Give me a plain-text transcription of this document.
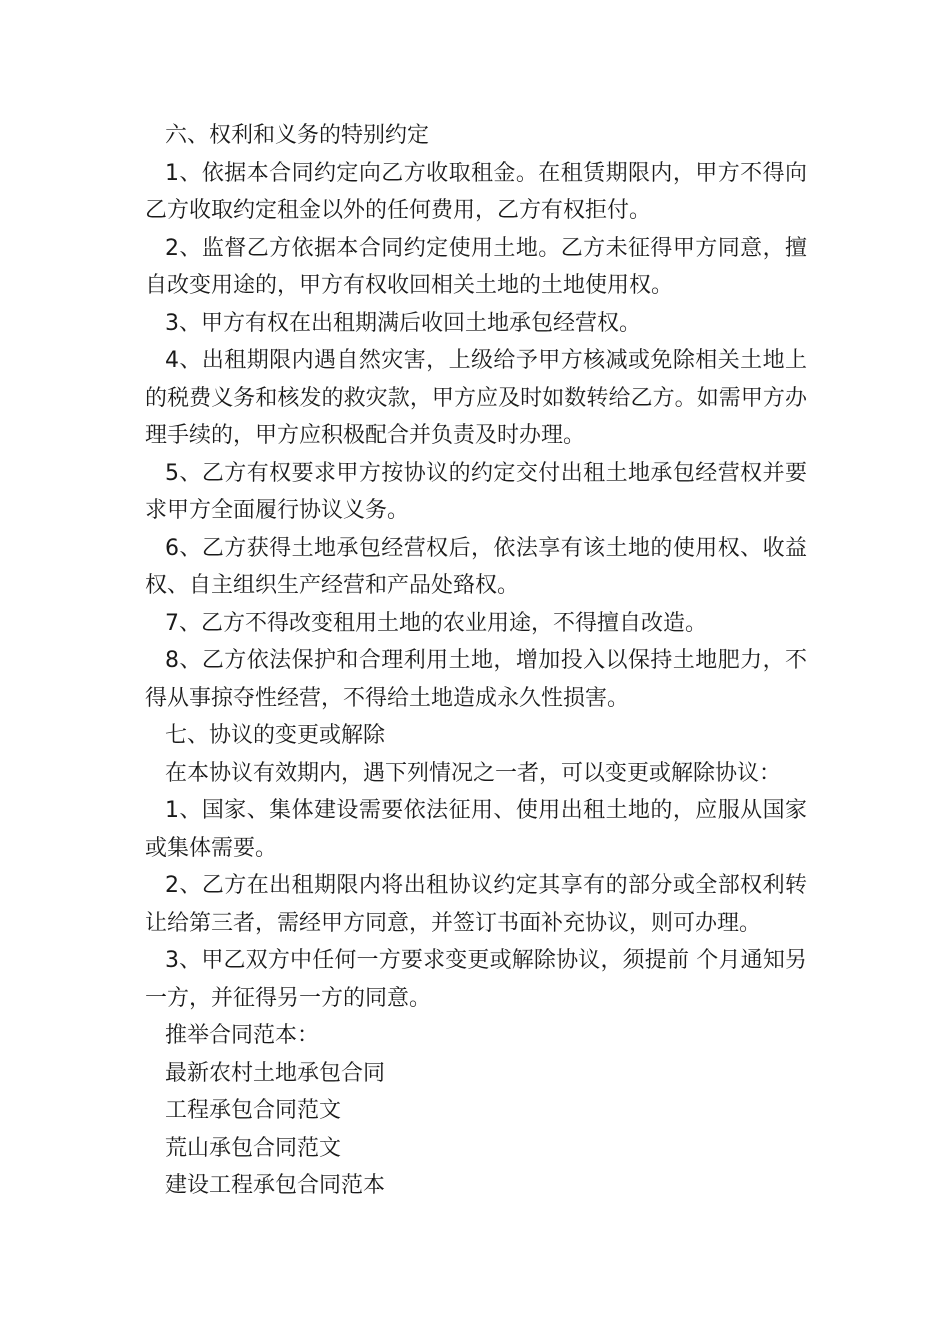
六、权利和义务的特别约定

1、依据本合同约定向乙方收取租金。在租赁期限内，甲方不得向乙方收取约定租金以外的任何费用，乙方有权拒付。

2、监督乙方依据本合同约定使用土地。乙方未征得甲方同意，擅自改变用途的，甲方有权收回相关土地的土地使用权。

3、甲方有权在出租期满后收回土地承包经营权。

4、出租期限内遇自然灾害，上级给予甲方核减或免除相关土地上的税费义务和核发的救灾款，甲方应及时如数转给乙方。如需甲方办理手续的，甲方应积极配合并负责及时办理。

5、乙方有权要求甲方按协议的约定交付出租土地承包经营权并要求甲方全面履行协议义务。

6、乙方获得土地承包经营权后，依法享有该土地的使用权、收益权、自主组织生产经营和产品处臵权。

7、乙方不得改变租用土地的农业用途，不得擅自改造。

8、乙方依法保护和合理利用土地，增加投入以保持土地肥力，不得从事掠夺性经营，不得给土地造成永久性损害。

七、协议的变更或解除

在本协议有效期内，遇下列情况之一者，可以变更或解除协议：

1、国家、集体建设需要依法征用、使用出租土地的，应服从国家或集体需要。

2、乙方在出租期限内将出租协议约定其享有的部分或全部权利转让给第三者，需经甲方同意，并签订书面补充协议，则可办理。

3、甲乙双方中任何一方要求变更或解除协议，须提前 个月通知另一方，并征得另一方的同意。

推举合同范本：

最新农村土地承包合同

工程承包合同范文

荒山承包合同范文

建设工程承包合同范本
